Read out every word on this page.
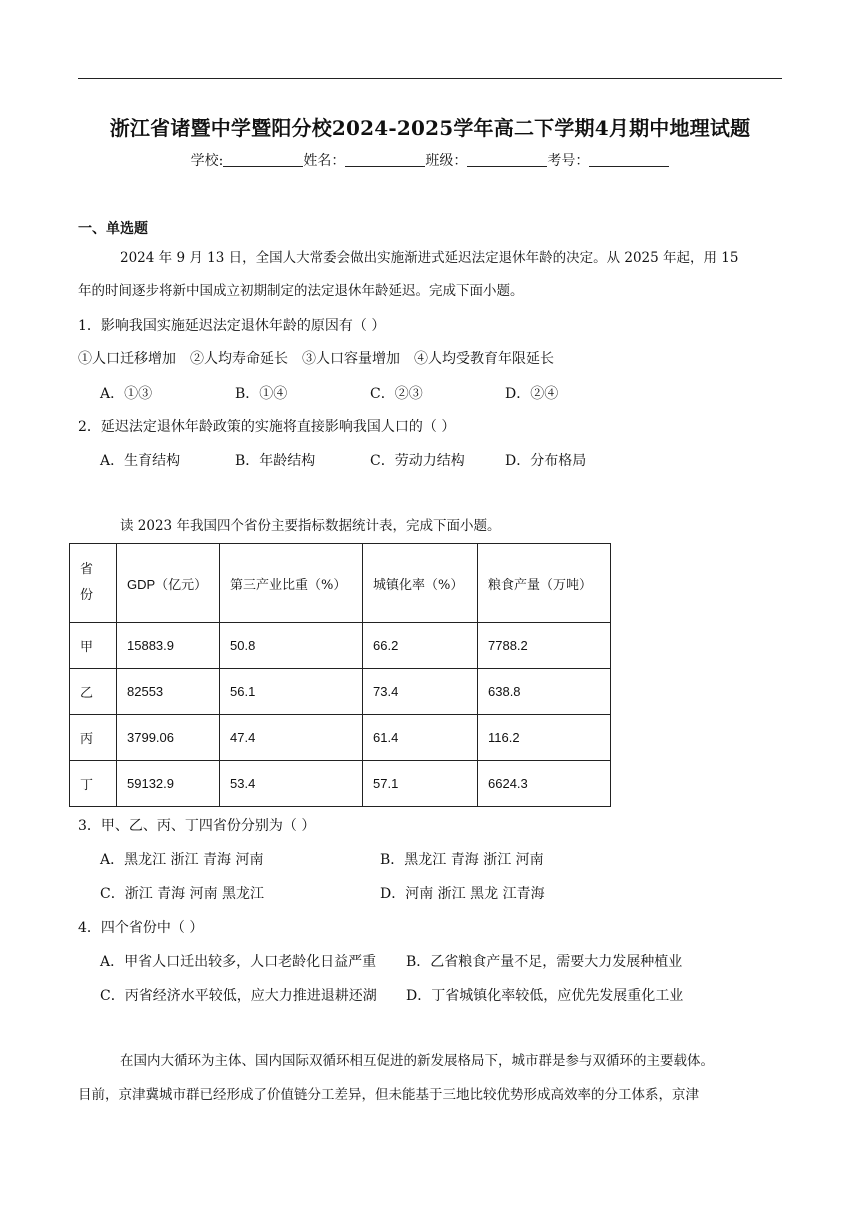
浙江省诸暨中学暨阳分校2024-2025学年高二下学期4月期中地理试题
学校:	姓名：	班级：	考号：
一、单选题
2024 年 9 月 13 日，全国人大常委会做出实施渐进式延迟法定退休年龄的决定。从 2025 年起，用 15
年的时间逐步将新中国成立初期制定的法定退休年龄延迟。完成下面小题。
1．影响我国实施延迟法定退休年龄的原因有（ ）
①人口迁移增加 ②人均寿命延长 ③人口容量增加 ④人均受教育年限延长
A．①③	B．①④	C．②③	D．②④
2．延迟法定退休年龄政策的实施将直接影响我国人口的（ ）
A．生育结构	B．年龄结构	C．劳动力结构	D．分布格局
读 2023 年我国四个省份主要指标数据统计表，完成下面小题。
省
份	GDP（亿元）	第三产业比重（%）	城镇化率（%）	粮食产量（万吨）
甲	15883.9	50.8	66.2	7788.2
乙	82553	56.1	73.4	638.8
丙	3799.06	47.4	61.4	116.2
丁	59132.9	53.4	57.1	6624.3
3．甲、乙、丙、丁四省份分别为（ ）
A．黑龙江 浙江 青海 河南	B．黑龙江 青海 浙江 河南
C．浙江 青海 河南 黑龙江	D．河南 浙江 黑龙 江青海
4．四个省份中（ ）
A．甲省人口迁出较多，人口老龄化日益严重	B．乙省粮食产量不足，需要大力发展种植业
C．丙省经济水平较低，应大力推进退耕还湖	D．丁省城镇化率较低，应优先发展重化工业
在国内大循环为主体、国内国际双循环相互促进的新发展格局下，城市群是参与双循环的主要载体。
目前，京津冀城市群已经形成了价值链分工差异，但未能基于三地比较优势形成高效率的分工体系，京津
